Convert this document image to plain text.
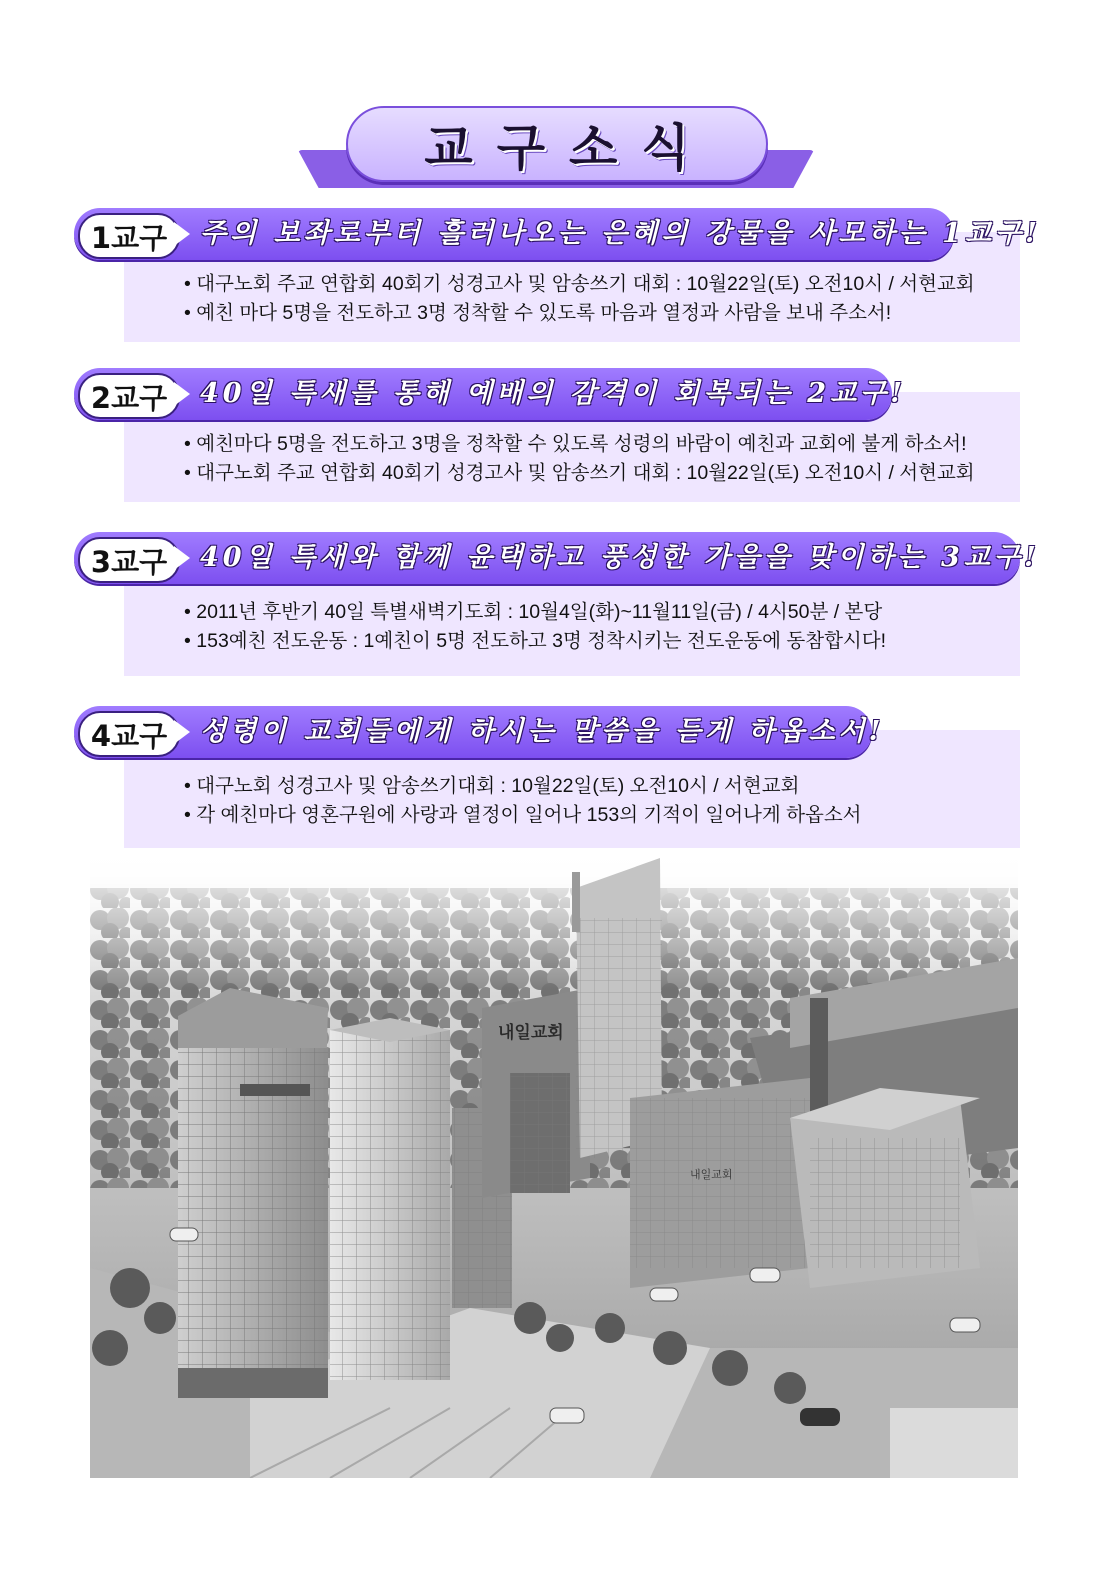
교구소식
1교구	주의 보좌로부터 흘러나오는 은혜의 강물을 사모하는 1교구!
• 대구노회 주교 연합회 40회기 성경고사 및 암송쓰기 대회 : 10월22일(토) 오전10시 / 서현교회
• 예친 마다 5명을 전도하고 3명 정착할 수 있도록 마음과 열정과 사람을 보내 주소서!
2교구	40일 특새를 통해 예배의 감격이 회복되는 2교구!
• 예친마다 5명을 전도하고 3명을 정착할 수 있도록 성령의 바람이 예친과 교회에 불게 하소서!
• 대구노회 주교 연합회 40회기 성경고사 및 암송쓰기 대회 : 10월22일(토) 오전10시 / 서현교회
3교구	40일 특새와 함께 윤택하고 풍성한 가을을 맞이하는 3교구!
• 2011년 후반기 40일 특별새벽기도회 : 10월4일(화)~11월11일(금) / 4시50분 / 본당
• 153예친 전도운동 : 1예친이 5명 전도하고 3명 정착시키는 전도운동에 동참합시다!
4교구	성령이 교회들에게 하시는 말씀을 듣게 하옵소서!
• 대구노회 성경고사 및 암송쓰기대회 : 10월22일(토) 오전10시 / 서현교회
• 각 예친마다 영혼구원에 사랑과 열정이 일어나 153의 기적이 일어나게 하옵소서
내일교회
내일교회
